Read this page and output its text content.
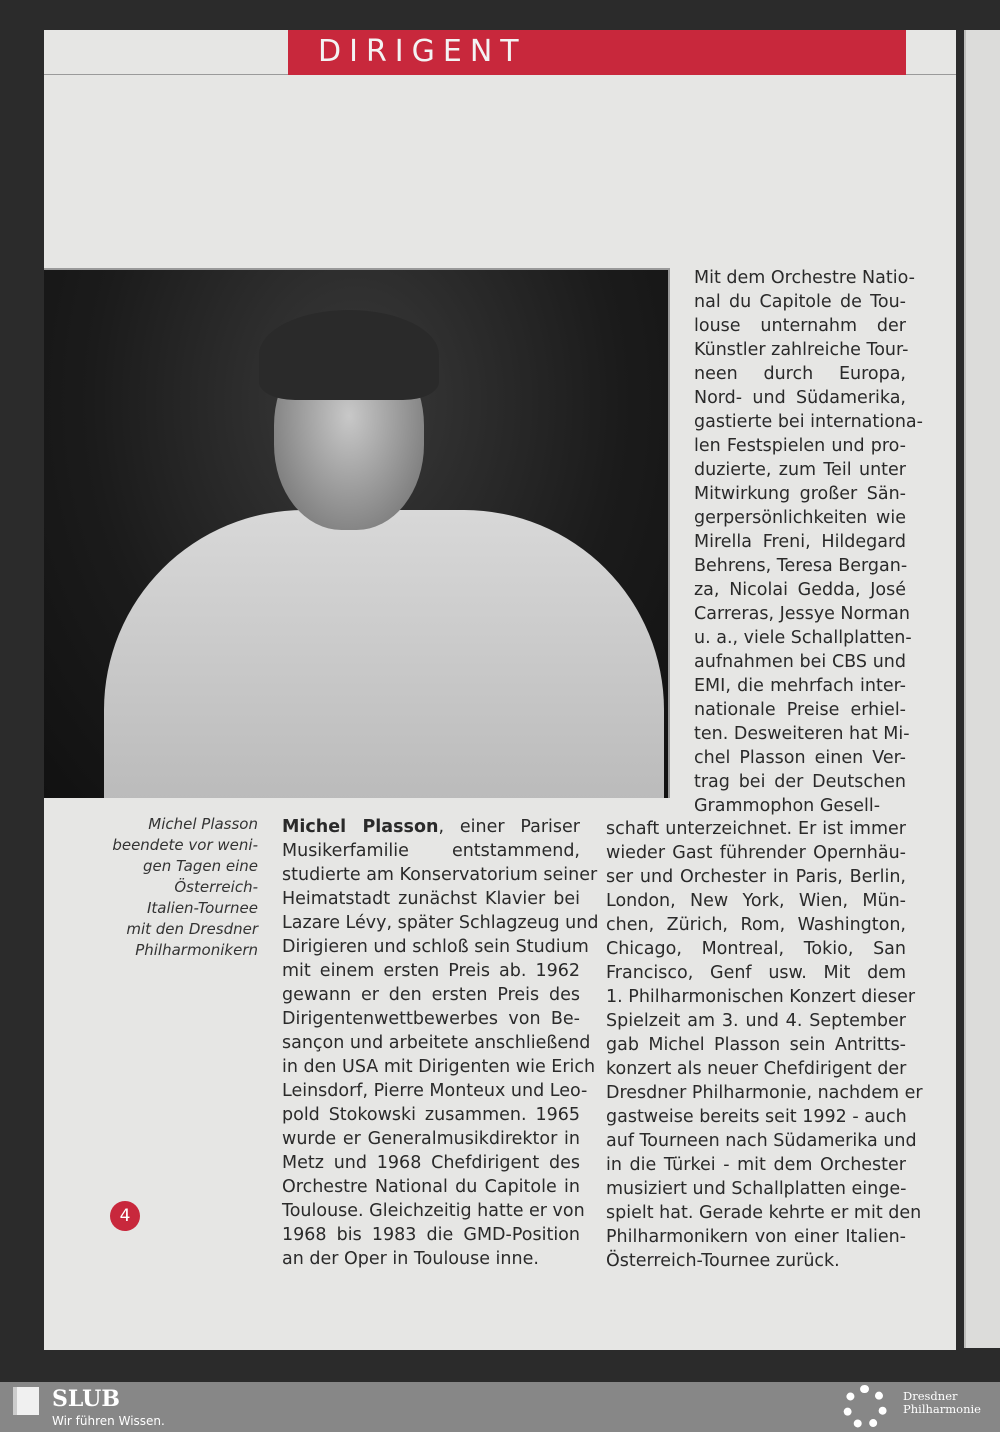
DIRIGENT
Michel Plasson
beendete vor weni-
gen Tagen eine
Österreich-
Italien-Tournee
mit den Dresdner
Philharmonikern
Michel Plasson, einer Pariser
Musikerfamilie entstammend,
studierte am Konservatorium seiner
Heimatstadt zunächst Klavier bei
Lazare Lévy, später Schlagzeug und
Dirigieren und schloß sein Studium
mit einem ersten Preis ab. 1962
gewann er den ersten Preis des
Dirigentenwettbewerbes von Be-
sançon und arbeitete anschließend
in den USA mit Dirigenten wie Erich
Leinsdorf, Pierre Monteux und Leo-
pold Stokowski zusammen. 1965
wurde er Generalmusikdirektor in
Metz und 1968 Chefdirigent des
Orchestre National du Capitole in
Toulouse. Gleichzeitig hatte er von
1968 bis 1983 die GMD-Position
an der Oper in Toulouse inne.
Mit dem Orchestre Natio-
nal du Capitole de Tou-
louse unternahm der
Künstler zahlreiche Tour-
neen durch Europa,
Nord- und Südamerika,
gastierte bei internationa-
len Festspielen und pro-
duzierte, zum Teil unter
Mitwirkung großer Sän-
gerpersönlichkeiten wie
Mirella Freni, Hildegard
Behrens, Teresa Bergan-
za, Nicolai Gedda, José
Carreras, Jessye Norman
u. a., viele Schallplatten-
aufnahmen bei CBS und
EMI, die mehrfach inter-
nationale Preise erhiel-
ten. Desweiteren hat Mi-
chel Plasson einen Ver-
trag bei der Deutschen
Grammophon Gesell-
schaft unterzeichnet. Er ist immer
wieder Gast führender Opernhäu-
ser und Orchester in Paris, Berlin,
London, New York, Wien, Mün-
chen, Zürich, Rom, Washington,
Chicago, Montreal, Tokio, San
Francisco, Genf usw. Mit dem
1. Philharmonischen Konzert dieser
Spielzeit am 3. und 4. September
gab Michel Plasson sein Antritts-
konzert als neuer Chefdirigent der
Dresdner Philharmonie, nachdem er
gastweise bereits seit 1992 - auch
auf Tourneen nach Südamerika und
in die Türkei - mit dem Orchester
musiziert und Schallplatten einge-
spielt hat. Gerade kehrte er mit den
Philharmonikern von einer Italien-
Österreich-Tournee zurück.
4
SLUB
Wir führen Wissen.
Dresdner
Philharmonie
